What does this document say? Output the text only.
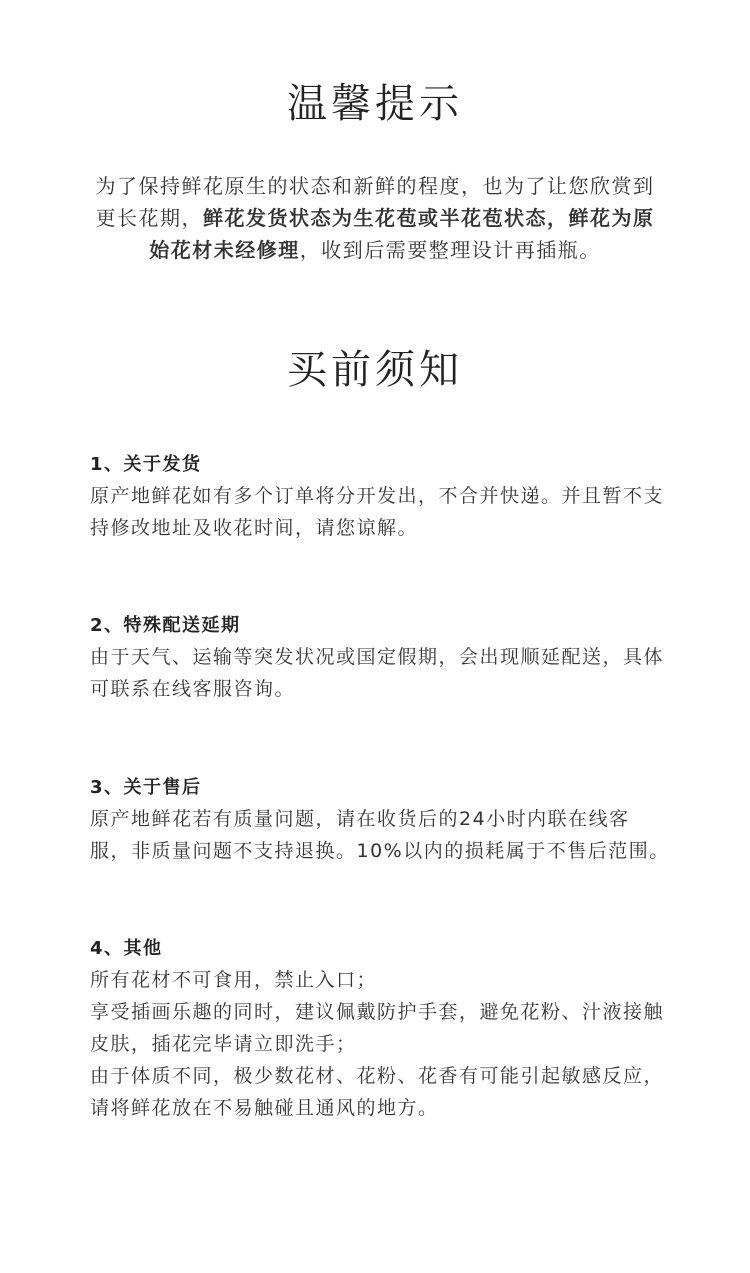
温馨提示

为了保持鲜花原生的状态和新鲜的程度，也为了让您欣赏到更长花期，鲜花发货状态为生花苞或半花苞状态，鲜花为原始花材未经修理，收到后需要整理设计再插瓶。

买前须知
1、关于发货

原产地鲜花如有多个订单将分开发出，不合并快递。并且暂不支持修改地址及收花时间，请您谅解。

2、特殊配送延期

由于天气、运输等突发状况或国定假期，会出现顺延配送，具体可联系在线客服咨询。

3、关于售后

原产地鲜花若有质量问题，请在收货后的24小时内联在线客服，非质量问题不支持退换。10%以内的损耗属于不售后范围。

4、其他

所有花材不可食用，禁止入口；

享受插画乐趣的同时，建议佩戴防护手套，避免花粉、汁液接触皮肤，插花完毕请立即洗手；

由于体质不同，极少数花材、花粉、花香有可能引起敏感反应，请将鲜花放在不易触碰且通风的地方。
